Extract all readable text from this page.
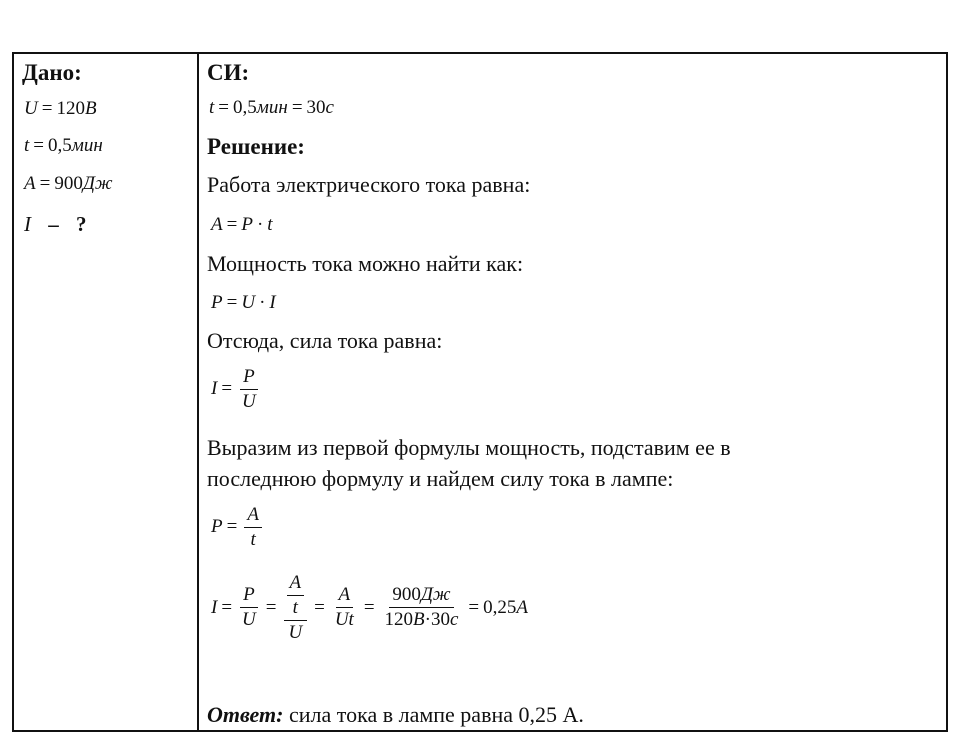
Дано:
U = 120В
t = 0,5мин
A = 900Дж
I – ?
СИ:
t = 0,5мин = 30с
Решение:
Работа электрического тока равна:
A = P · t
Мощность тока можно найти как:
P = U · I
Отсюда, сила тока равна:
$I = \frac{P}{U}$
Выразим из первой формулы мощность, подставим ее в
последнюю формулу и найдем силу тока в лампе:
$P = \frac{A}{t}$
$I = \frac{P}{U} = \frac{\frac{A}{t}}{U} = \frac{A}{Ut} = \frac{900Дж}{120В\cdot 30с} = 0,25$ А
Ответ: сила тока в лампе равна 0,25 А.
